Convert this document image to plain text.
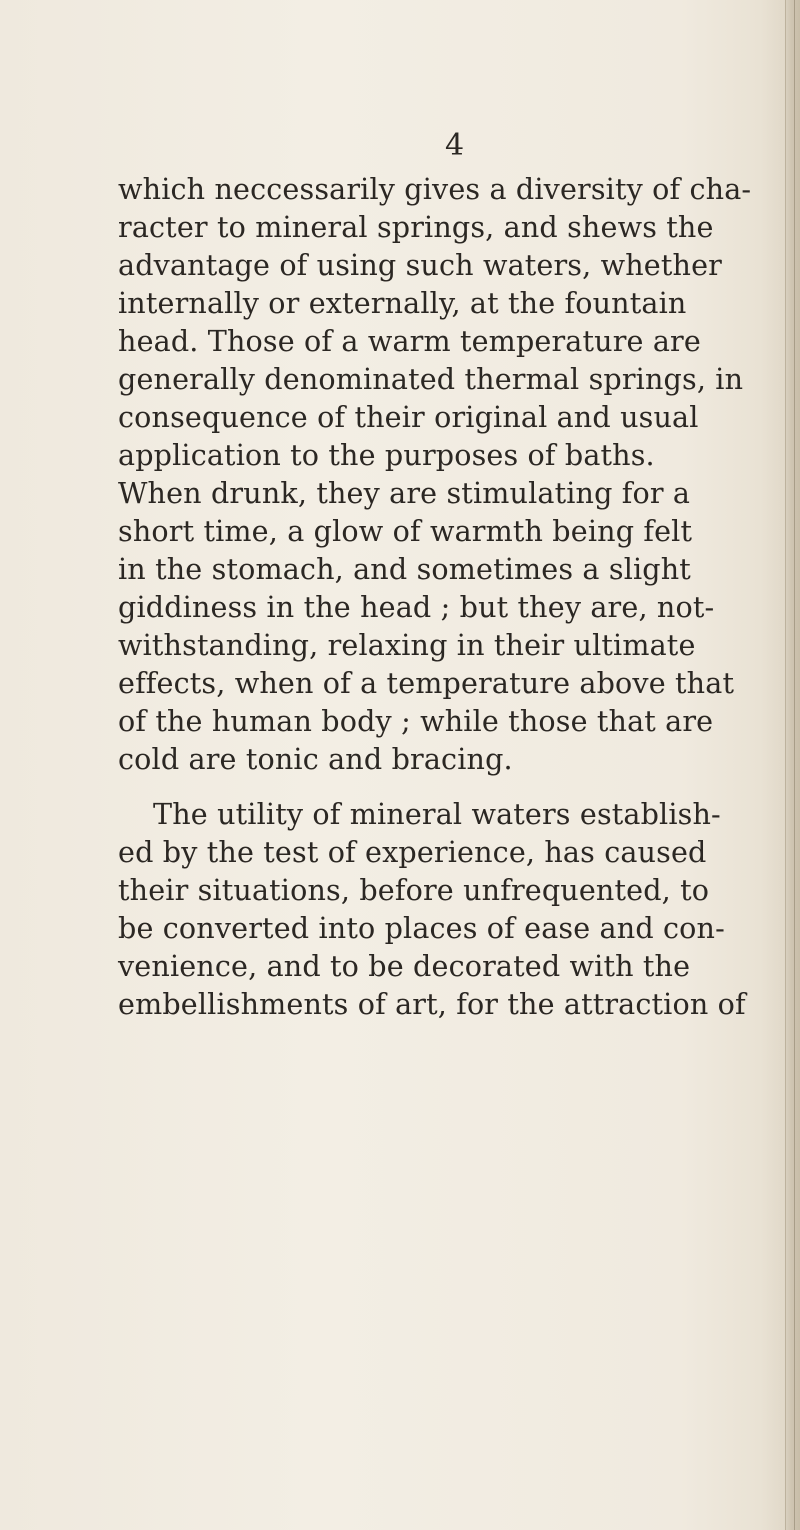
4
which neccessarily gives a diversity of cha-
racter to mineral springs, and shews the
advantage of using such waters, whether
internally or externally, at the fountain
head. Those of a warm temperature are
generally denominated thermal springs, in
consequence of their original and usual
application to the purposes of baths.
When drunk, they are stimulating for a
short time, a glow of warmth being felt
in the stomach, and sometimes a slight
giddiness in the head ; but they are, not-
withstanding, relaxing in their ultimate
effects, when of a temperature above that
of the human body ; while those that are
cold are tonic and bracing.
The utility of mineral waters establish-
ed by the test of experience, has caused
their situations, before unfrequented, to
be converted into places of ease and con-
venience, and to be decorated with the
embellishments of art, for the attraction of
